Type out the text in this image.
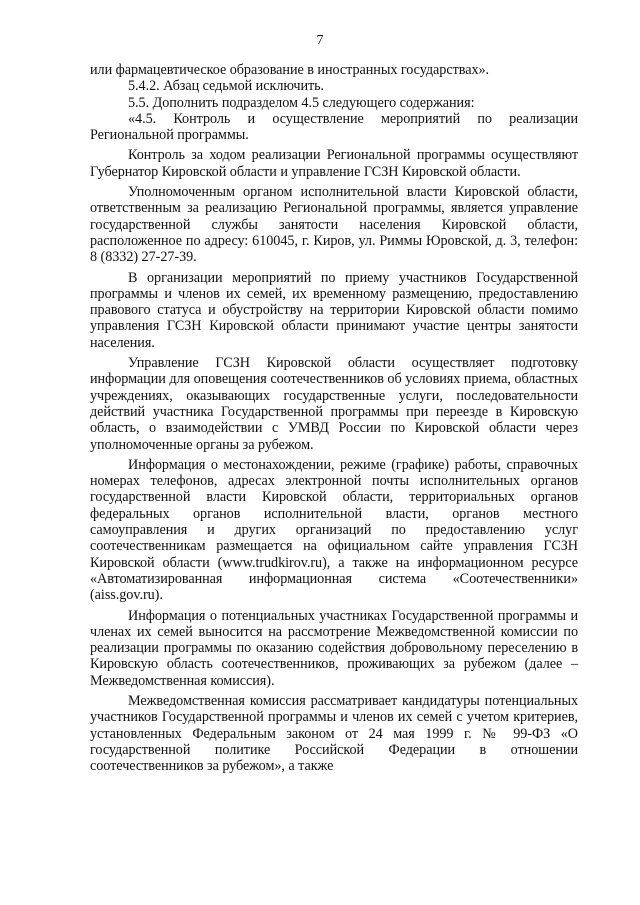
7

или фармацевтическое образование в иностранных государствах».

5.4.2. Абзац седьмой исключить.

5.5. Дополнить подразделом 4.5 следующего содержания:

«4.5. Контроль и осуществление мероприятий по реализации Региональной программы.

Контроль за ходом реализации Региональной программы осуществляют Губернатор Кировской области и управление ГСЗН Кировской области.

Уполномоченным органом исполнительной власти Кировской области, ответственным за реализацию Региональной программы, является управление государственной службы занятости населения Кировской области, расположенное по адресу: 610045, г. Киров, ул. Риммы Юровской, д. 3, телефон: 8 (8332) 27-27-39.

В организации мероприятий по приему участников Государственной программы и членов их семей, их временному размещению, предоставлению правового статуса и обустройству на территории Кировской области помимо управления ГСЗН Кировской области принимают участие центры занятости населения.

Управление ГСЗН Кировской области осуществляет подготовку информации для оповещения соотечественников об условиях приема, областных учреждениях, оказывающих государственные услуги, последовательности действий участника Государственной программы при переезде в Кировскую область, о взаимодействии с УМВД России по Кировской области через уполномоченные органы за рубежом.

Информация о местонахождении, режиме (графике) работы, справочных номерах телефонов, адресах электронной почты исполнительных органов государственной власти Кировской области, территориальных органов федеральных органов исполнительной власти, органов местного самоуправления и других организаций по предоставлению услуг соотечественникам размещается на официальном сайте управления ГСЗН Кировской области (www.trudkirov.ru), а также на информационном ресурсе «Автоматизированная информационная система «Соотечественники» (aiss.gov.ru).

Информация о потенциальных участниках Государственной программы и членах их семей выносится на рассмотрение Межведомственной комиссии по реализации программы по оказанию содействия добровольному переселению в Кировскую область соотечественников, проживающих за рубежом (далее – Межведомственная комиссия).

Межведомственная комиссия рассматривает кандидатуры потенциальных участников Государственной программы и членов их семей с учетом критериев, установленных Федеральным законом от 24 мая 1999 г. № 99-ФЗ «О государственной политике Российской Федерации в отношении соотечественников за рубежом», а также
